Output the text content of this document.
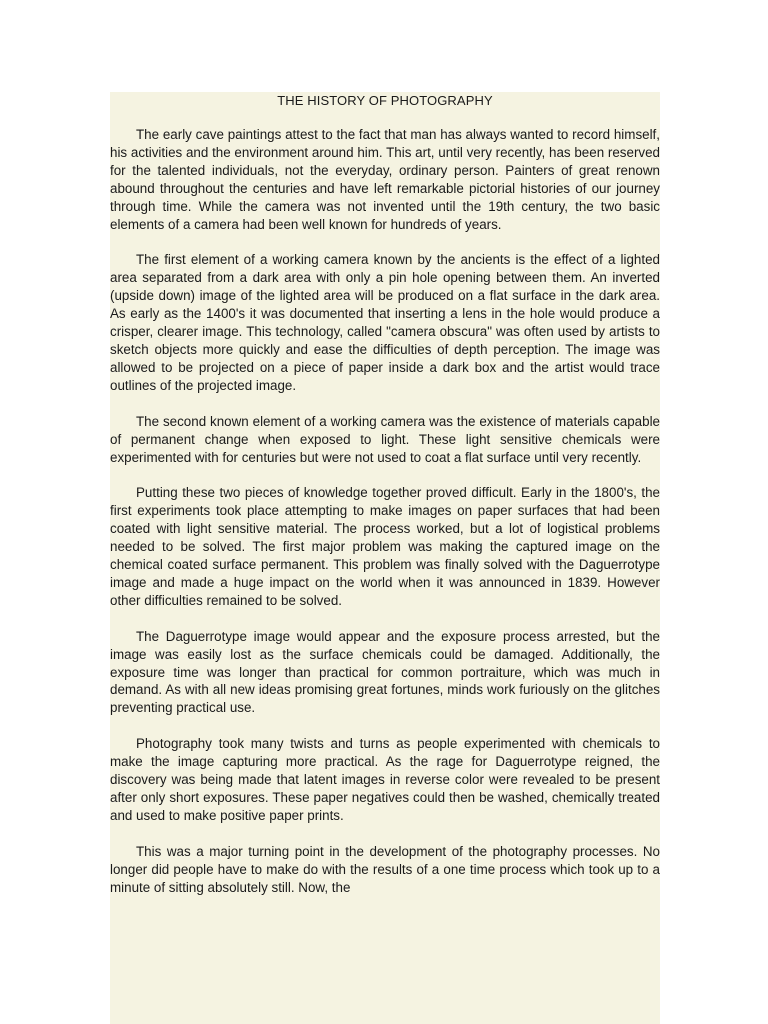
THE HISTORY OF PHOTOGRAPHY

The early cave paintings attest to the fact that man has always wanted to record himself, his activities and the environment around him. This art, until very recently, has been reserved for the talented individuals, not the everyday, ordinary person. Painters of great renown abound throughout the centuries and have left remarkable pictorial histories of our journey through time. While the camera was not invented until the 19th century, the two basic elements of a camera had been well known for hundreds of years.

The first element of a working camera known by the ancients is the effect of a lighted area separated from a dark area with only a pin hole opening between them. An inverted (upside down) image of the lighted area will be produced on a flat surface in the dark area. As early as the 1400's it was documented that inserting a lens in the hole would produce a crisper, clearer image. This technology, called "camera obscura" was often used by artists to sketch objects more quickly and ease the difficulties of depth perception. The image was allowed to be projected on a piece of paper inside a dark box and the artist would trace outlines of the projected image.

The second known element of a working camera was the existence of materials capable of permanent change when exposed to light. These light sensitive chemicals were experimented with for centuries but were not used to coat a flat surface until very recently.

Putting these two pieces of knowledge together proved difficult. Early in the 1800's, the first experiments took place attempting to make images on paper surfaces that had been coated with light sensitive material. The process worked, but a lot of logistical problems needed to be solved. The first major problem was making the captured image on the chemical coated surface permanent. This problem was finally solved with the Daguerrotype image and made a huge impact on the world when it was announced in 1839. However other difficulties remained to be solved.

The Daguerrotype image would appear and the exposure process arrested, but the image was easily lost as the surface chemicals could be damaged. Additionally, the exposure time was longer than practical for common portraiture, which was much in demand. As with all new ideas promising great fortunes, minds work furiously on the glitches preventing practical use.

Photography took many twists and turns as people experimented with chemicals to make the image capturing more practical. As the rage for Daguerrotype reigned, the discovery was being made that latent images in reverse color were revealed to be present after only short exposures. These paper negatives could then be washed, chemically treated and used to make positive paper prints.

This was a major turning point in the development of the photography processes. No longer did people have to make do with the results of a one time process which took up to a minute of sitting absolutely still. Now, the
